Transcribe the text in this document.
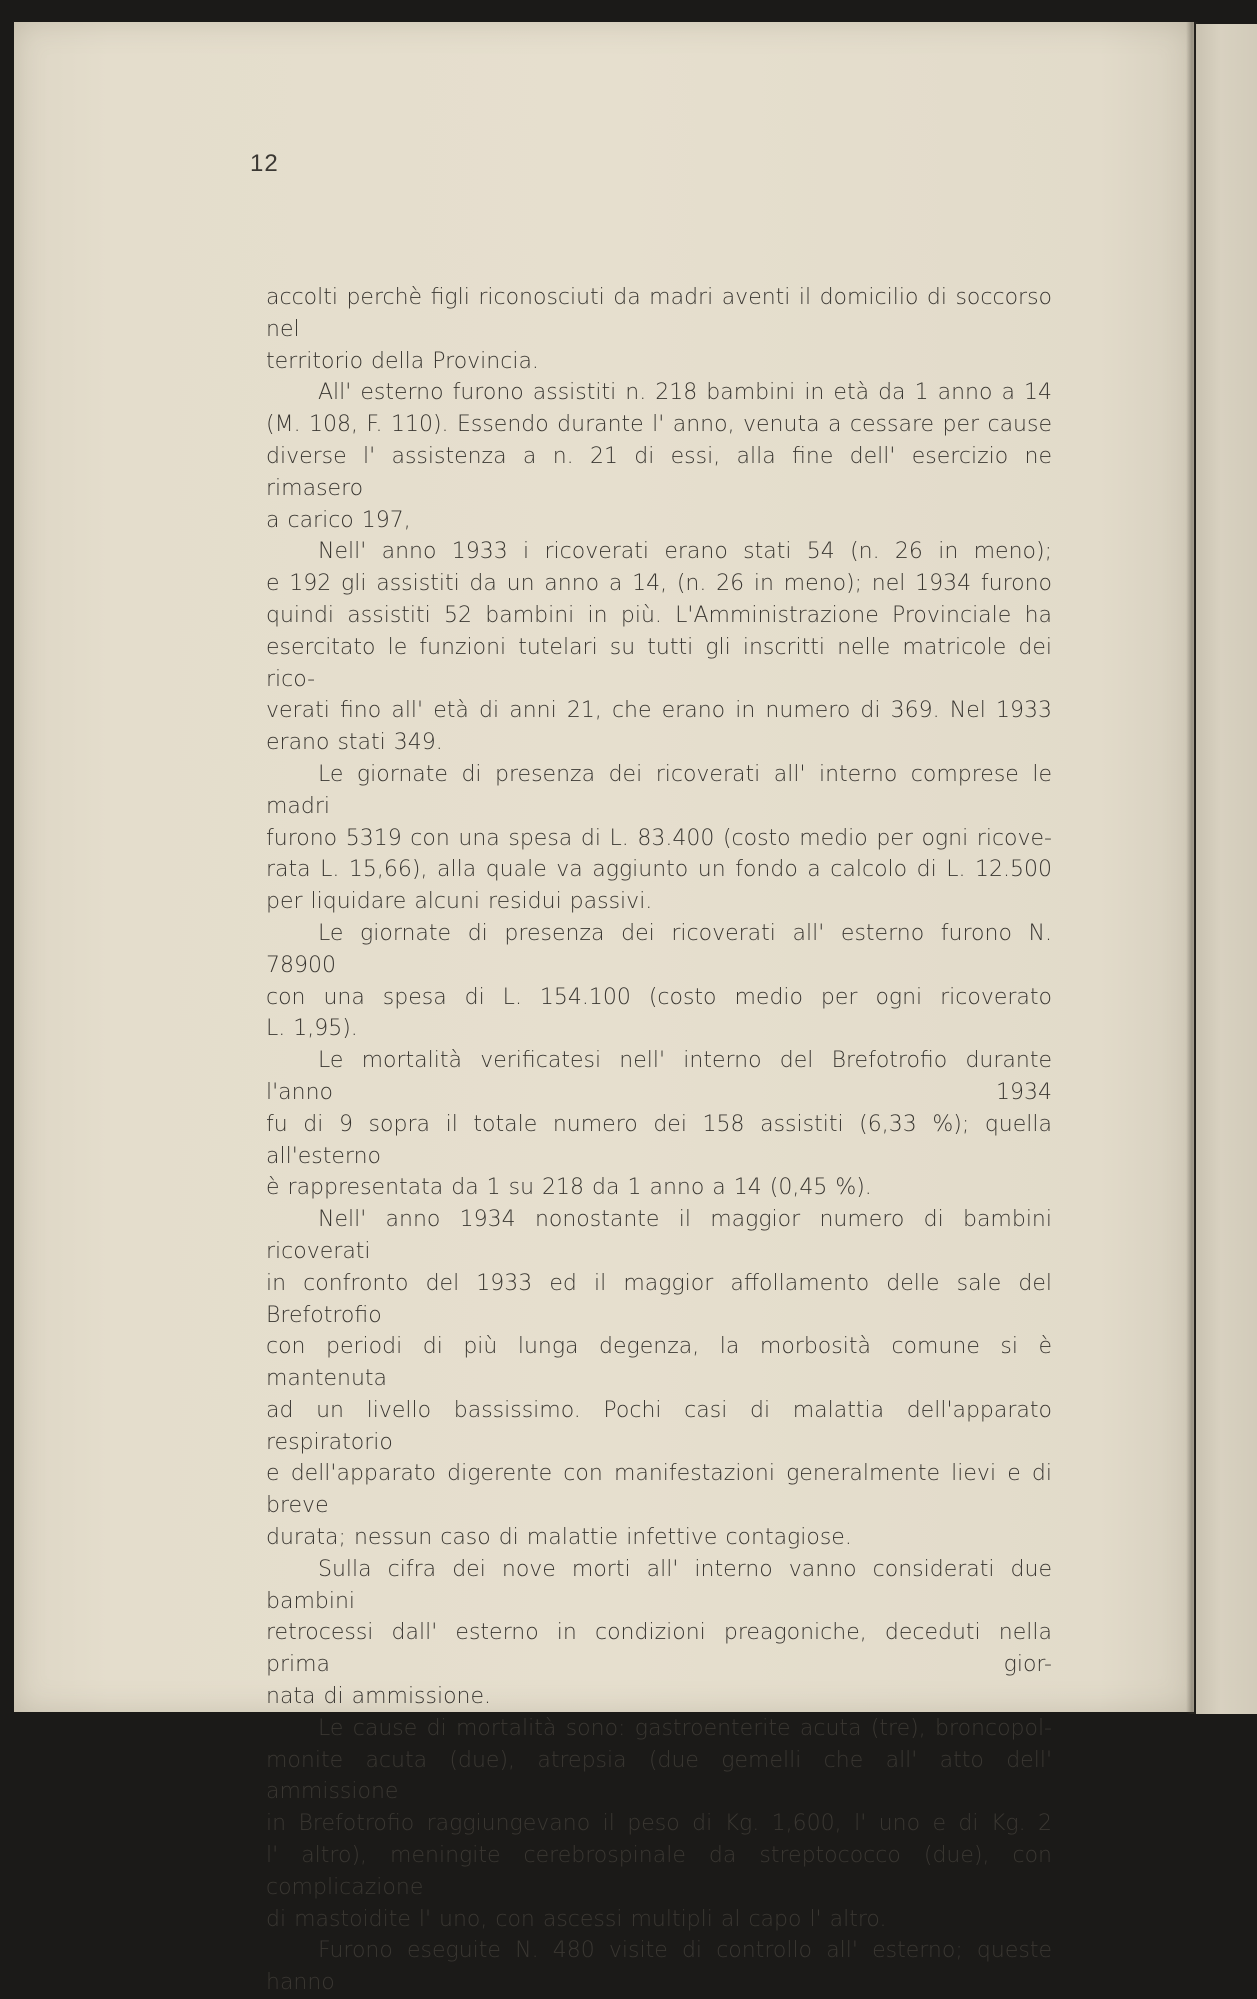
12

accolti perchè figli riconosciuti da madri aventi il domicilio di soccorso nel
territorio della Provincia.

All' esterno furono assistiti n. 218 bambini in età da 1 anno a 14
(M. 108, F. 110). Essendo durante l' anno, venuta a cessare per cause
diverse l' assistenza a n. 21 di essi, alla fine dell' esercizio ne rimasero
a carico 197,

Nell' anno 1933 i ricoverati erano stati 54 (n. 26 in meno);
e 192 gli assistiti da un anno a 14, (n. 26 in meno); nel 1934 furono
quindi assistiti 52 bambini in più. L'Amministrazione Provinciale ha
esercitato le funzioni tutelari su tutti gli inscritti nelle matricole dei rico-
verati fino all' età di anni 21, che erano in numero di 369. Nel 1933
erano stati 349.

Le giornate di presenza dei ricoverati all' interno comprese le madri
furono 5319 con una spesa di L. 83.400 (costo medio per ogni ricove-
rata L. 15,66), alla quale va aggiunto un fondo a calcolo di L. 12.500
per liquidare alcuni residui passivi.

Le giornate di presenza dei ricoverati all' esterno furono N. 78900
con una spesa di L. 154.100 (costo medio per ogni ricoverato
L. 1,95).

Le mortalità verificatesi nell' interno del Brefotrofio durante l'anno 1934
fu di 9 sopra il totale numero dei 158 assistiti (6,33 %); quella all'esterno
è rappresentata da 1 su 218 da 1 anno a 14 (0,45 %).

Nell' anno 1934 nonostante il maggior numero di bambini ricoverati
in confronto del 1933 ed il maggior affollamento delle sale del Brefotrofio
con periodi di più lunga degenza, la morbosità comune si è mantenuta
ad un livello bassissimo. Pochi casi di malattia dell'apparato respiratorio
e dell'apparato digerente con manifestazioni generalmente lievi e di breve
durata; nessun caso di malattie infettive contagiose.

Sulla cifra dei nove morti all' interno vanno considerati due bambini
retrocessi dall' esterno in condizioni preagoniche, deceduti nella prima gior-
nata di ammissione.

Le cause di mortalità sono: gastroenterite acuta (tre), broncopol-
monite acuta (due), atrepsia (due gemelli che all' atto dell' ammissione
in Brefotrofio raggiungevano il peso di Kg. 1,600, l' uno e di Kg. 2
l' altro), meningite cerebrospinale da streptococco (due), con complicazione
di mastoidite l' uno, con ascessi multipli al capo l' altro.

Furono eseguite N. 480 visite di controllo all' esterno; queste hanno
